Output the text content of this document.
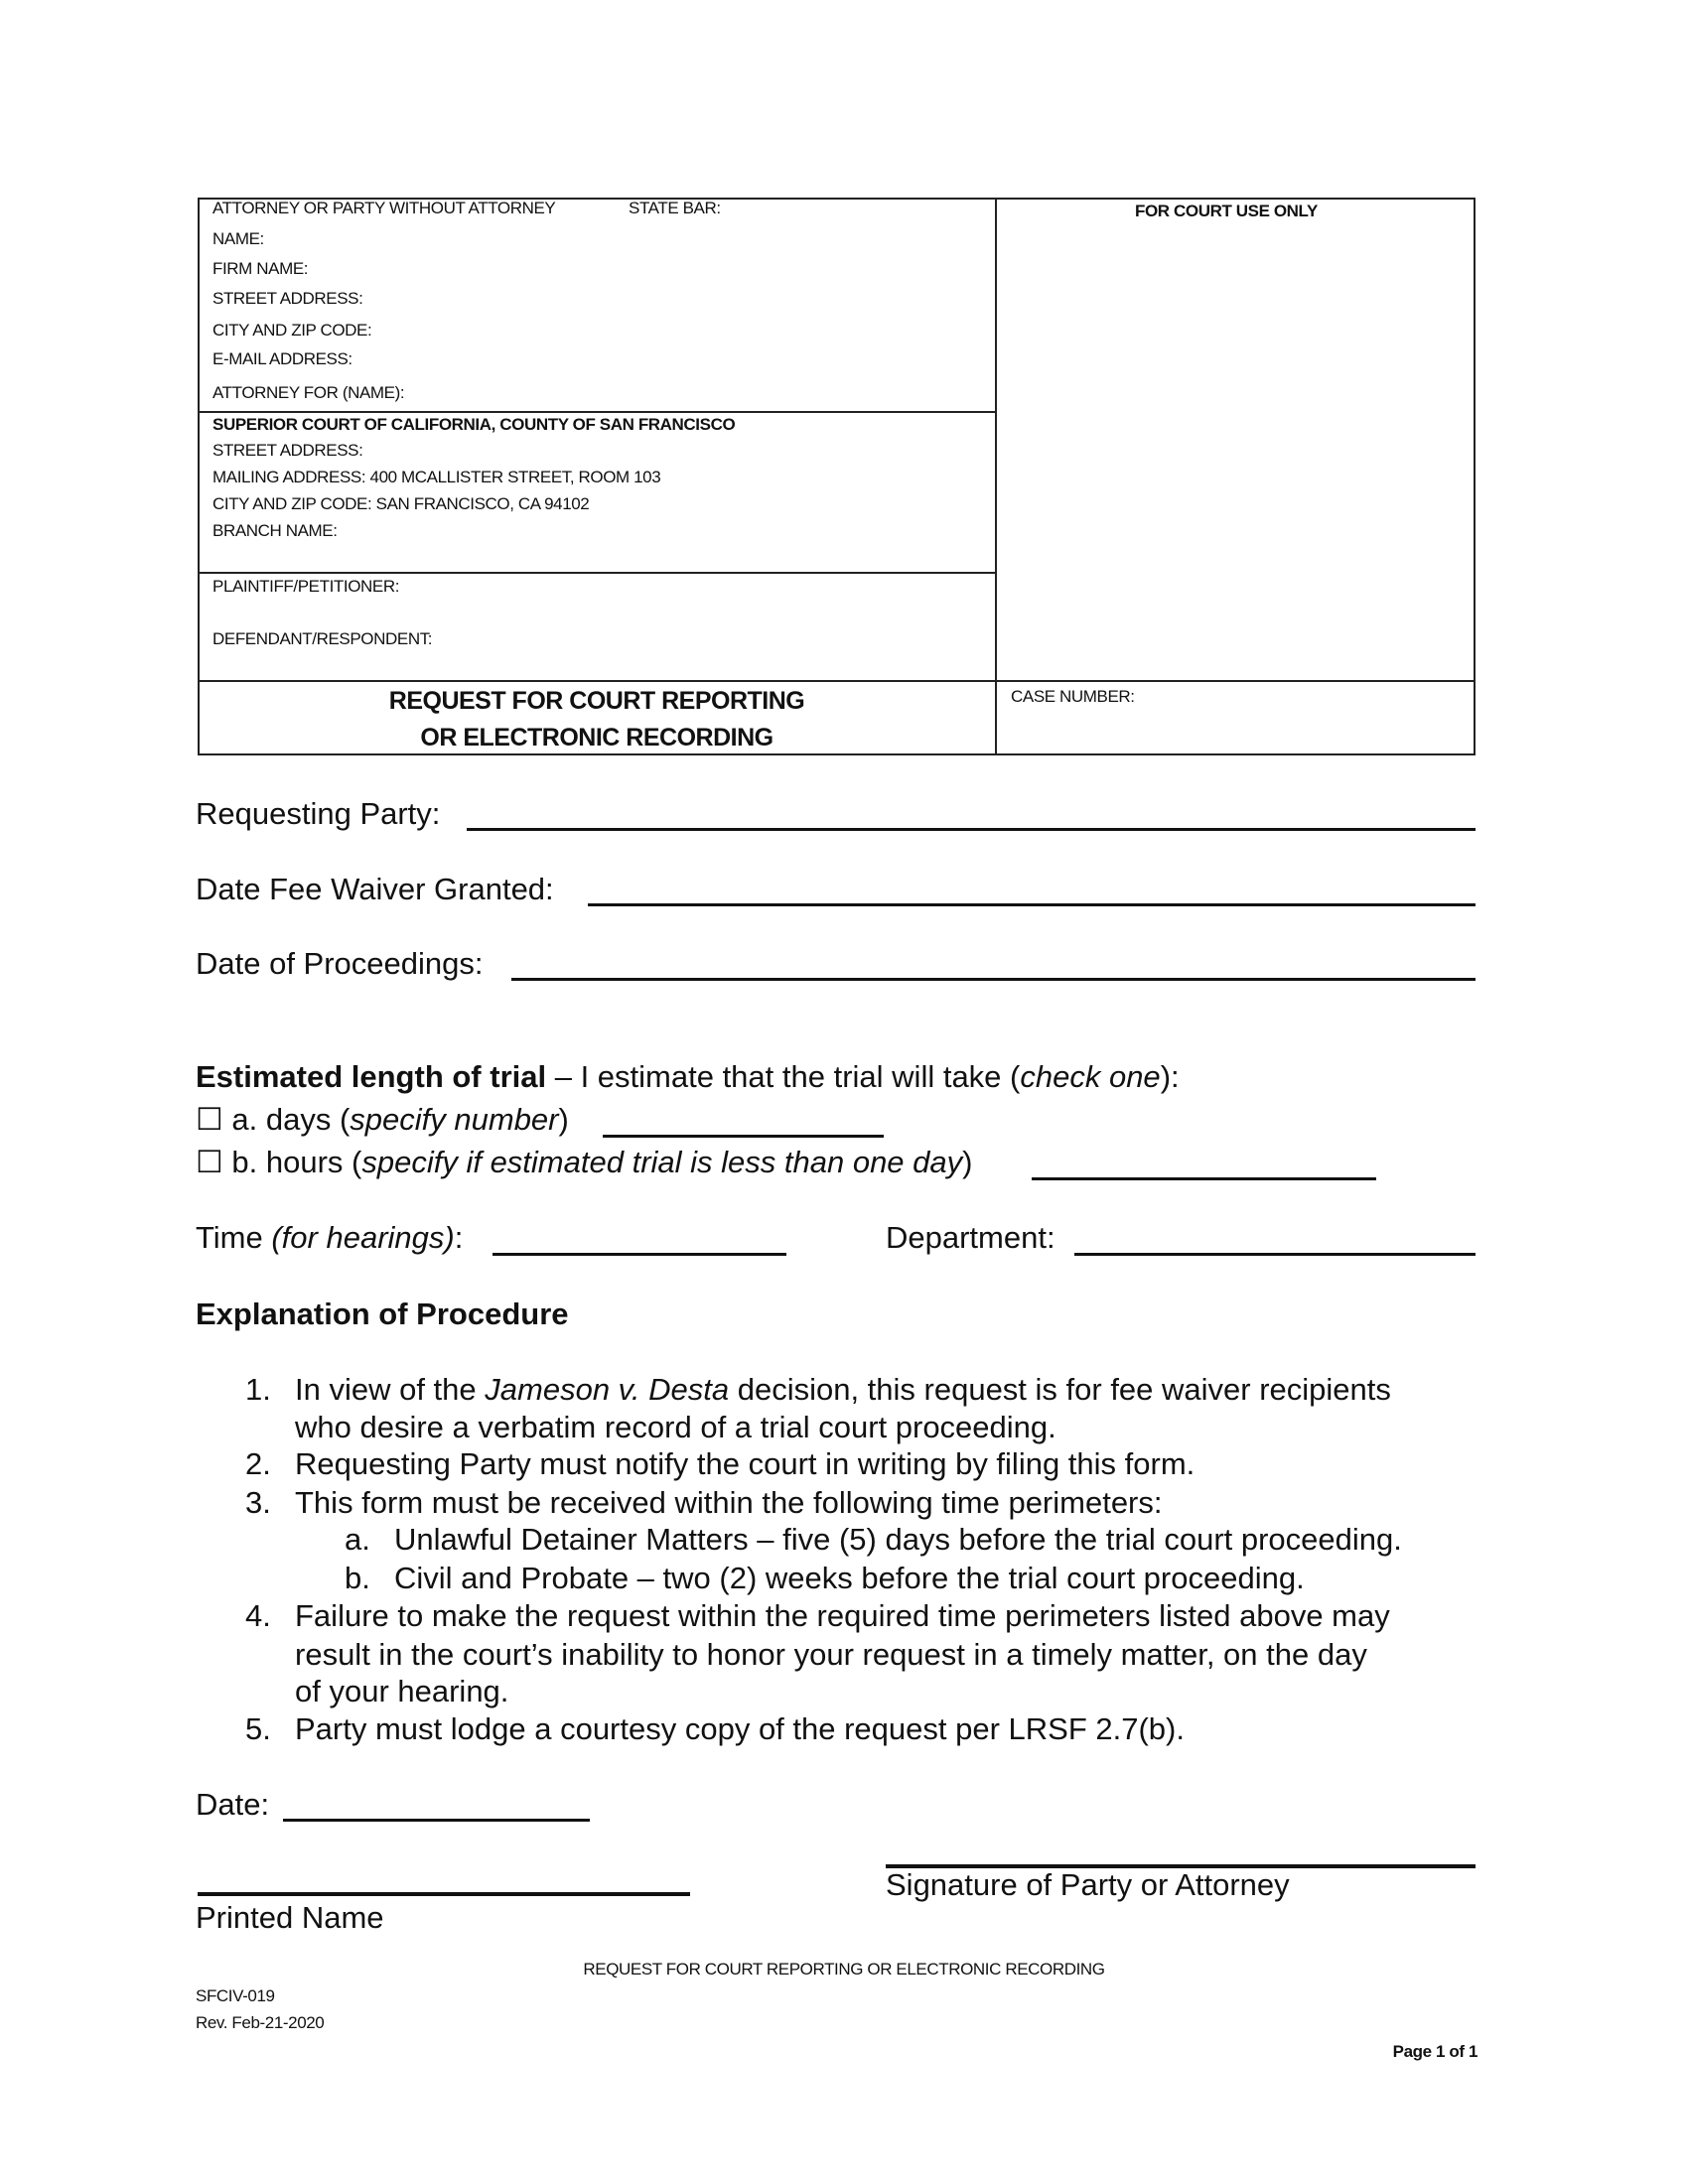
ATTORNEY OR PARTY WITHOUT ATTORNEY	STATE BAR:
NAME:
FIRM NAME:
STREET ADDRESS:
CITY AND ZIP CODE:
E-MAIL ADDRESS:
ATTORNEY FOR (NAME):
FOR COURT USE ONLY
SUPERIOR COURT OF CALIFORNIA, COUNTY OF SAN FRANCISCO
STREET ADDRESS:
MAILING ADDRESS: 400 MCALLISTER STREET, ROOM 103
CITY AND ZIP CODE: SAN FRANCISCO, CA 94102
BRANCH NAME:
PLAINTIFF/PETITIONER:
DEFENDANT/RESPONDENT:
REQUEST FOR COURT REPORTING
OR ELECTRONIC RECORDING
CASE NUMBER:
Requesting Party:
Date Fee Waiver Granted:
Date of Proceedings:
Estimated length of trial – I estimate that the trial will take (check one):
☐ a. days (specify number)
☐ b. hours (specify if estimated trial is less than one day)
Time (for hearings):	Department:
Explanation of Procedure
1. In view of the Jameson v. Desta decision, this request is for fee waiver recipients
who desire a verbatim record of a trial court proceeding.
2. Requesting Party must notify the court in writing by filing this form.
3. This form must be received within the following time perimeters:
a. Unlawful Detainer Matters – five (5) days before the trial court proceeding.
b. Civil and Probate – two (2) weeks before the trial court proceeding.
4. Failure to make the request within the required time perimeters listed above may
result in the court’s inability to honor your request in a timely matter, on the day
of your hearing.
5. Party must lodge a courtesy copy of the request per LRSF 2.7(b).
Date:
Signature of Party or Attorney
Printed Name
REQUEST FOR COURT REPORTING OR ELECTRONIC RECORDING
SFCIV-019
Rev. Feb-21-2020
Page 1 of 1
